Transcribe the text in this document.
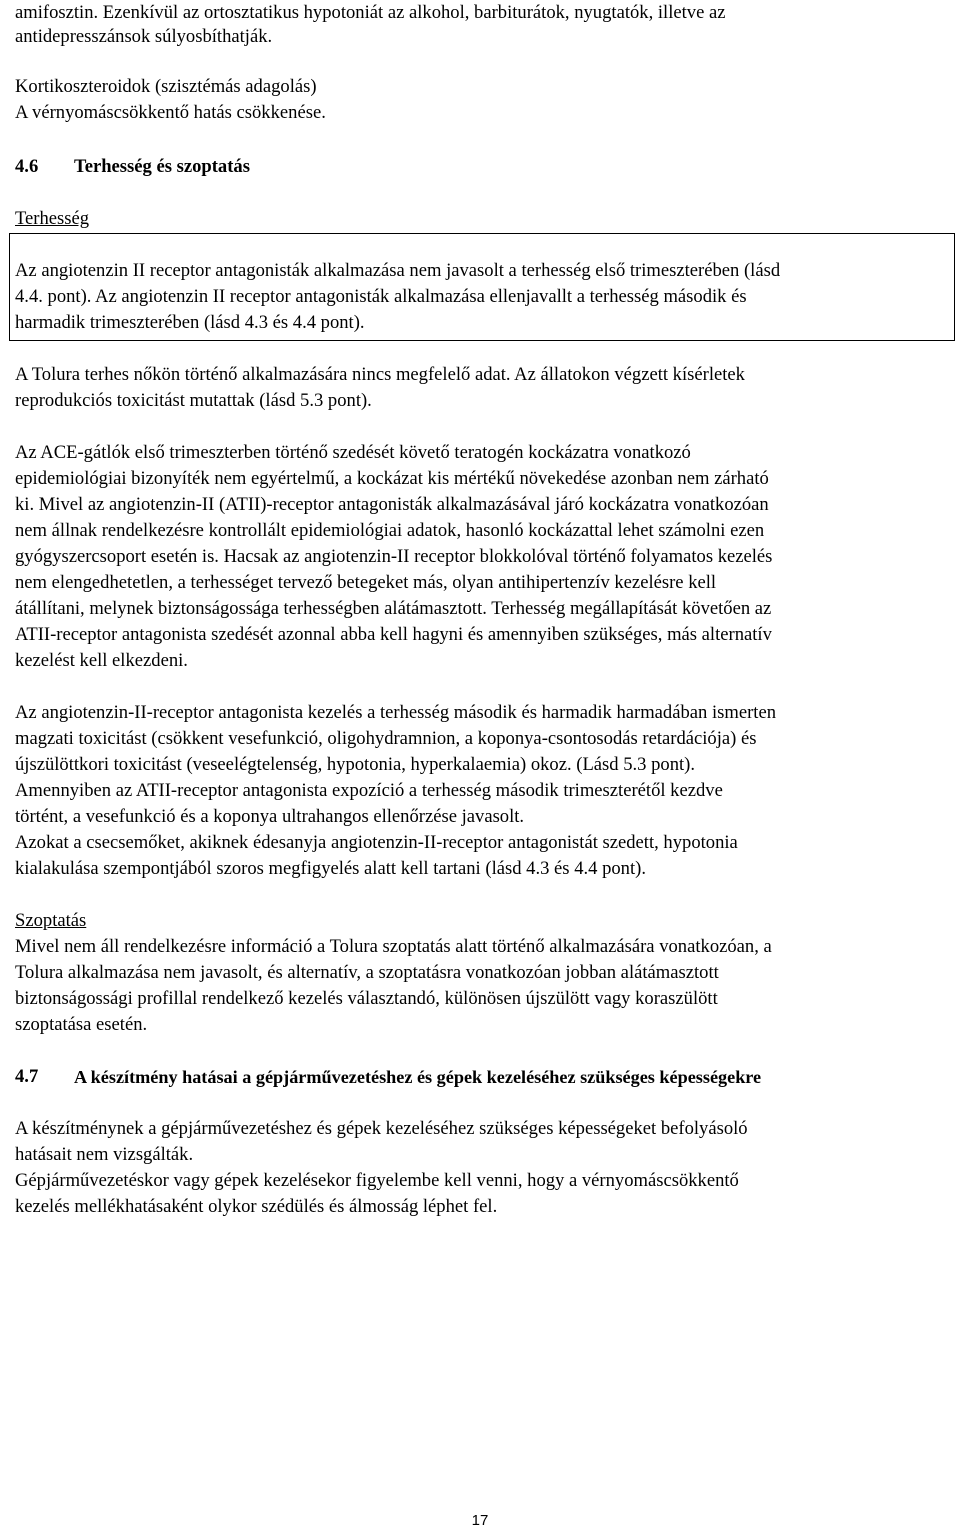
amifosztin. Ezenkívül az ortosztatikus hypotoniát az alkohol, barbiturátok, nyugtatók, illetve az
antidepresszánsok súlyosbíthatják.
Kortikoszteroidok (szisztémás adagolás)
A vérnyomáscsökkentő hatás csökkenése.
4.6 Terhesség és szoptatás
Terhesség
Az angiotenzin II receptor antagonisták alkalmazása nem javasolt a terhesség első trimeszterében (lásd
4.4. pont). Az angiotenzin II receptor antagonisták alkalmazása ellenjavallt a terhesség második és
harmadik trimeszterében (lásd 4.3 és 4.4 pont).
A Tolura terhes nőkön történő alkalmazására nincs megfelelő adat. Az állatokon végzett kísérletek
reprodukciós toxicitást mutattak (lásd 5.3 pont).
Az ACE-gátlók első trimeszterben történő szedését követő teratogén kockázatra vonatkozó
epidemiológiai bizonyíték nem egyértelmű, a kockázat kis mértékű növekedése azonban nem zárható
ki. Mivel az angiotenzin-II (ATII)-receptor antagonisták alkalmazásával járó kockázatra vonatkozóan
nem állnak rendelkezésre kontrollált epidemiológiai adatok, hasonló kockázattal lehet számolni ezen
gyógyszercsoport esetén is. Hacsak az angiotenzin-II receptor blokkolóval történő folyamatos kezelés
nem elengedhetetlen, a terhességet tervező betegeket más, olyan antihipertenzív kezelésre kell
átállítani, melynek biztonságossága terhességben alátámasztott. Terhesség megállapítását követően az
ATII-receptor antagonista szedését azonnal abba kell hagyni és amennyiben szükséges, más alternatív
kezelést kell elkezdeni.
Az angiotenzin-II-receptor antagonista kezelés a terhesség második és harmadik harmadában ismerten
magzati toxicitást (csökkent vesefunkció, oligohydramnion, a koponya-csontosodás retardációja) és
újszülöttkori toxicitást (veseelégtelenség, hypotonia, hyperkalaemia) okoz. (Lásd 5.3 pont).
Amennyiben az ATII-receptor antagonista expozíció a terhesség második trimeszterétől kezdve
történt, a vesefunkció és a koponya ultrahangos ellenőrzése javasolt.
Azokat a csecsemőket, akiknek édesanyja angiotenzin-II-receptor antagonistát szedett, hypotonia
kialakulása szempontjából szoros megfigyelés alatt kell tartani (lásd 4.3 és 4.4 pont).
Szoptatás
Mivel nem áll rendelkezésre információ a Tolura szoptatás alatt történő alkalmazására vonatkozóan, a
Tolura alkalmazása nem javasolt, és alternatív, a szoptatásra vonatkozóan jobban alátámasztott
biztonságossági profillal rendelkező kezelés választandó, különösen újszülött vagy koraszülött
szoptatása esetén.
4.7 A készítmény hatásai a gépjárművezetéshez és gépek kezeléséhez szükséges képességekre
A készítménynek a gépjárművezetéshez és gépek kezeléséhez szükséges képességeket befolyásoló
hatásait nem vizsgálták.
Gépjárművezetéskor vagy gépek kezelésekor figyelembe kell venni, hogy a vérnyomáscsökkentő
kezelés mellékhatásaként olykor szédülés és álmosság léphet fel.
17
